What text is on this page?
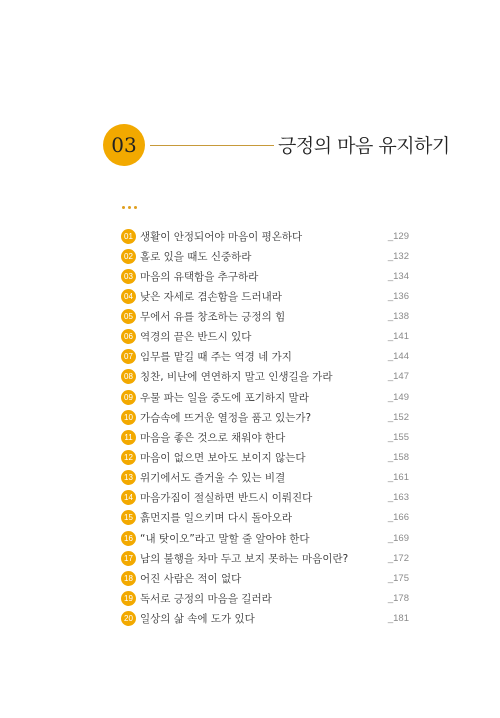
03	긍정의 마음 유지하기
01 생활이 안정되어야 마음이 평온하다	_129
02 홀로 있을 때도 신중하라	_132
03 마음의 유택함을 추구하라	_134
04 낮은 자세로 겸손함을 드러내라	_136
05 무에서 유를 창조하는 긍정의 힘	_138
06 역경의 끝은 반드시 있다	_141
07 임무를 맡길 때 주는 역경 네 가지	_144
08 칭찬, 비난에 연연하지 말고 인생길을 가라	_147
09 우물 파는 일을 중도에 포기하지 말라	_149
10 가슴속에 뜨거운 열정을 품고 있는가?	_152
11 마음을 좋은 것으로 채워야 한다	_155
12 마음이 없으면 보아도 보이지 않는다	_158
13 위기에서도 즐거울 수 있는 비결	_161
14 마음가짐이 절실하면 반드시 이뤄진다	_163
15 흙먼지를 일으키며 다시 돌아오라	_166
16 “내 탓이오”라고 말할 줄 알아야 한다	_169
17 남의 불행을 차마 두고 보지 못하는 마음이란?	_172
18 어진 사람은 적이 없다	_175
19 독서로 긍정의 마음을 길러라	_178
20 일상의 삶 속에 도가 있다	_181
